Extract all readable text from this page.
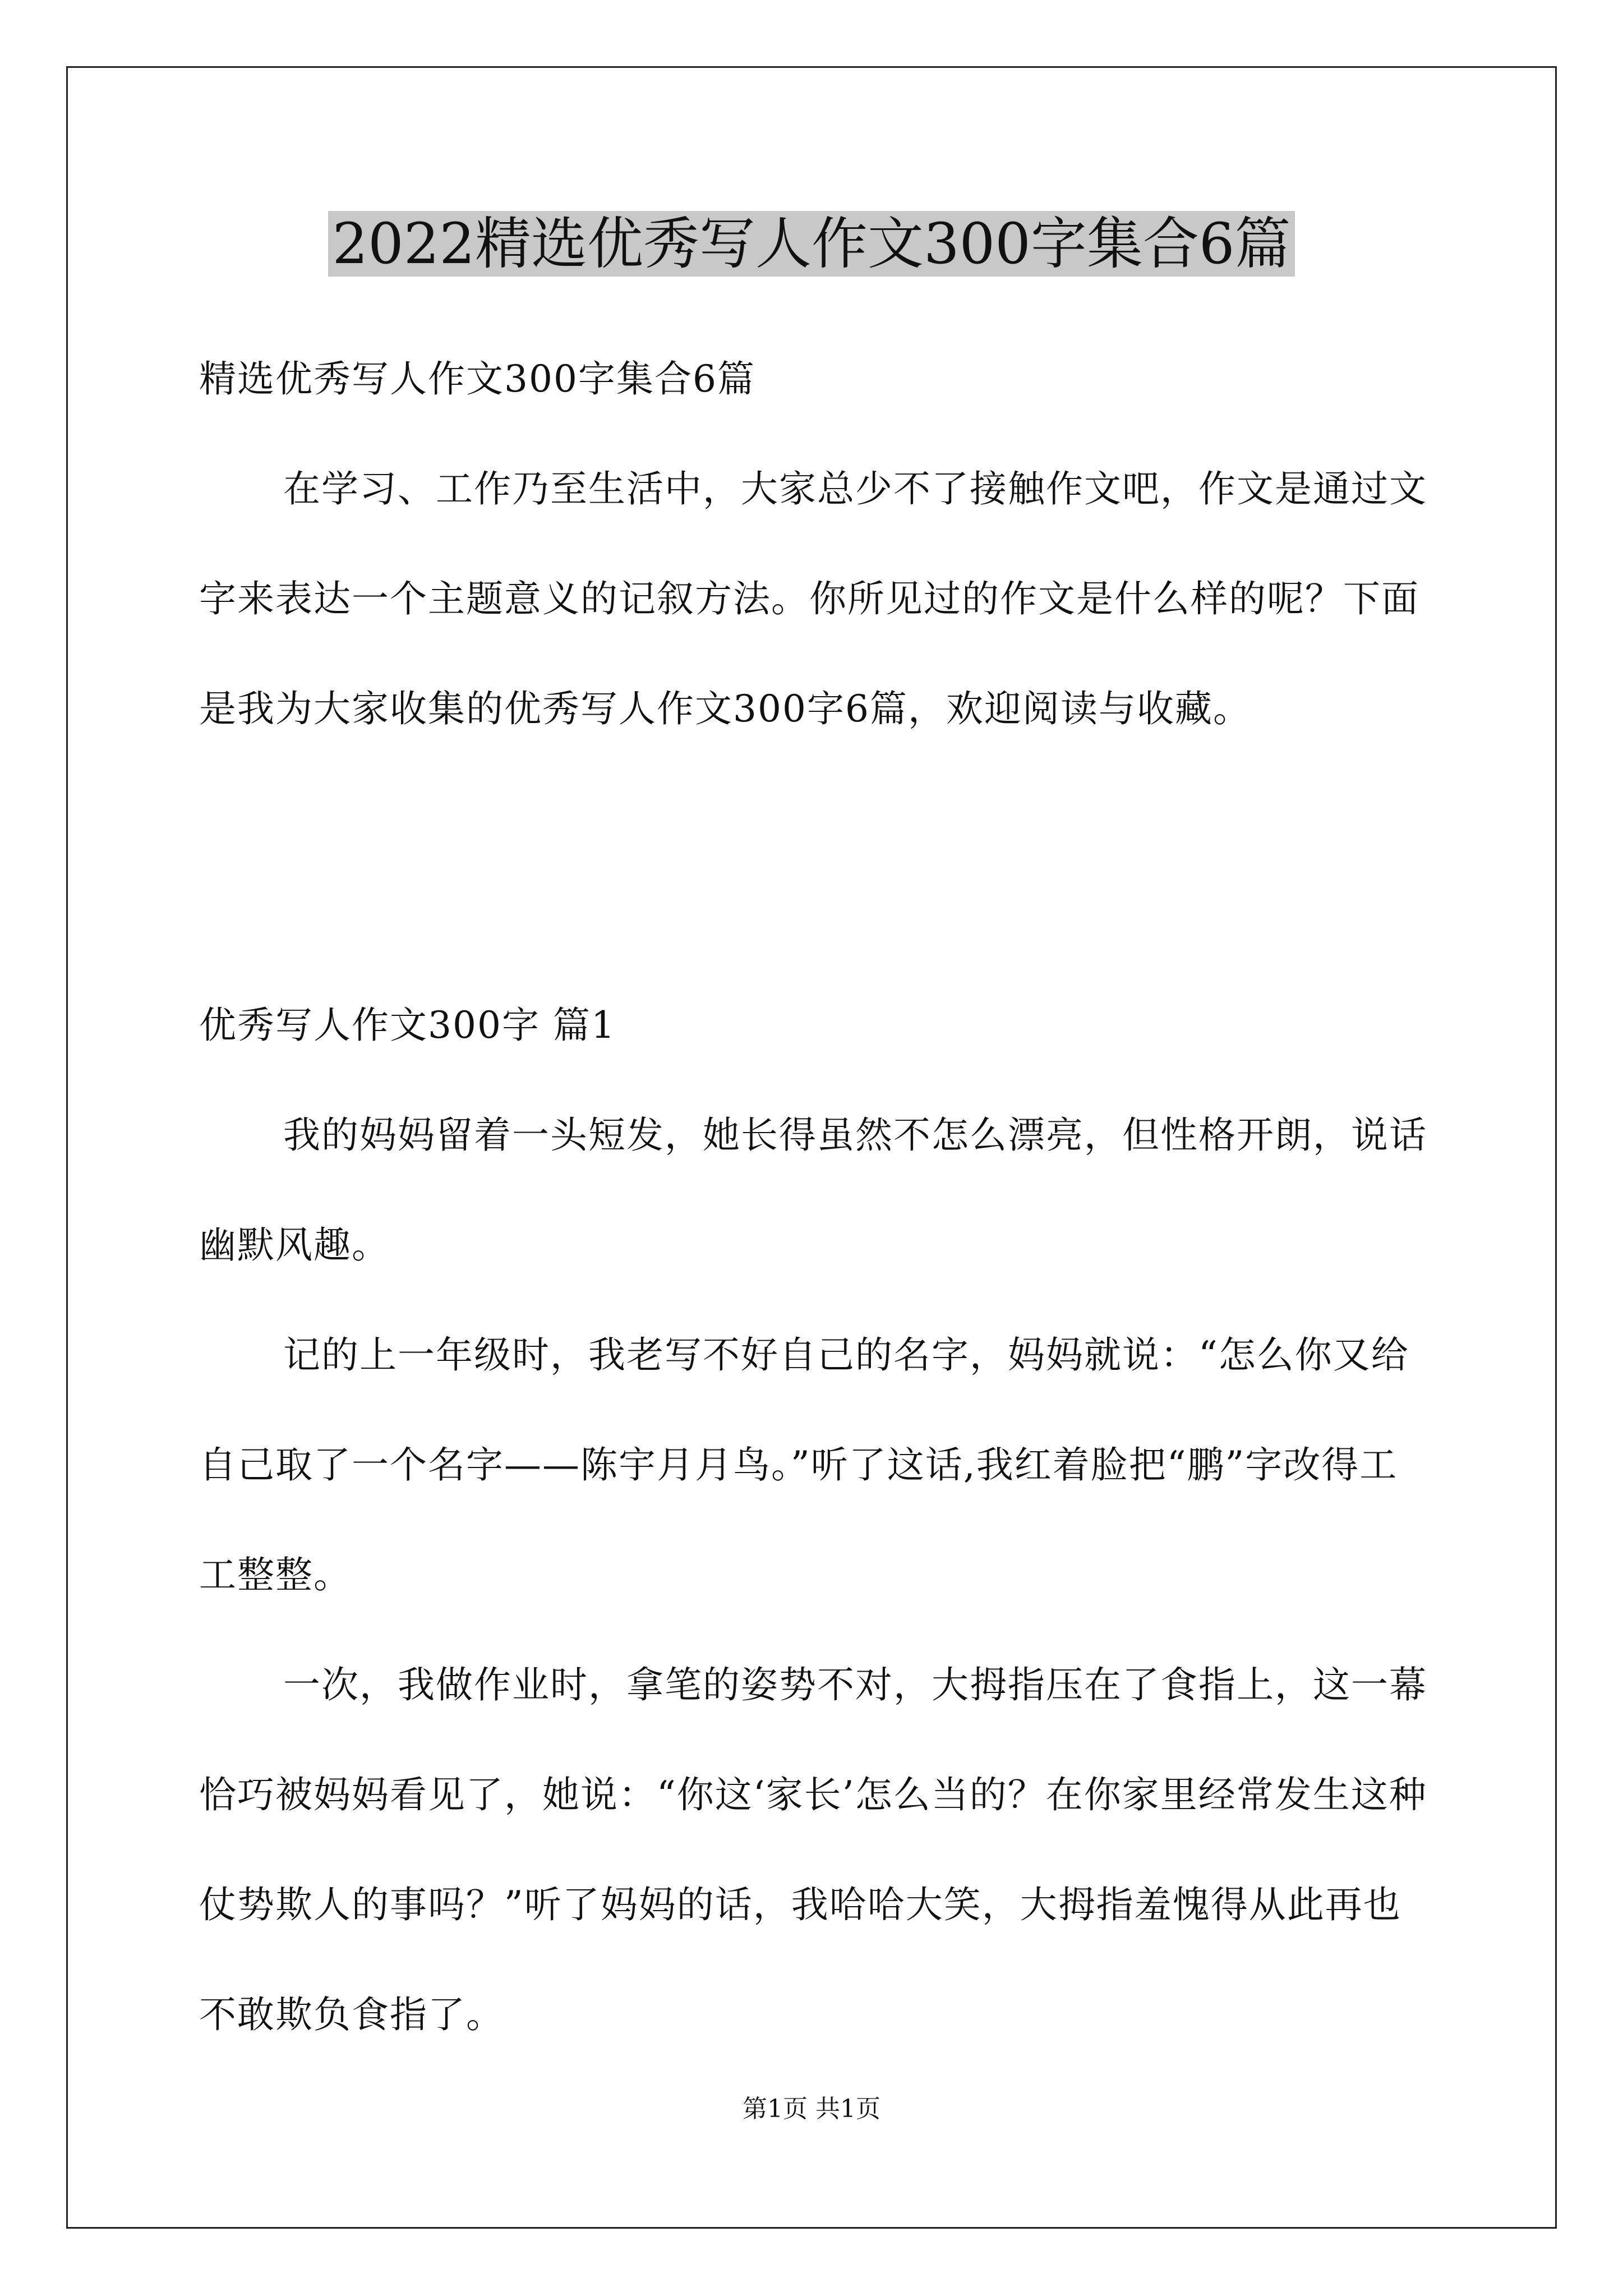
2022精选优秀写人作文300字集合6篇

精选优秀写人作文300字集合6篇

在学习、工作乃至生活中，大家总少不了接触作文吧，作文是通过文字来表达一个主题意义的记叙方法。你所见过的作文是什么样的呢？下面是我为大家收集的优秀写人作文300字6篇，欢迎阅读与收藏。

优秀写人作文300字 篇1

我的妈妈留着一头短发，她长得虽然不怎么漂亮，但性格开朗，说话幽默风趣。

记的上一年级时，我老写不好自己的名字，妈妈就说：“怎么你又给自己取了一个名字——陈宇月月鸟。”听了这话,我红着脸把“鹏”字改得工工整整。

一次，我做作业时，拿笔的姿势不对，大拇指压在了食指上，这一幕恰巧被妈妈看见了，她说：“你这‘家长’怎么当的？在你家里经常发生这种仗势欺人的事吗？”听了妈妈的话，我哈哈大笑，大拇指羞愧得从此再也不敢欺负食指了。

第1页 共1页
